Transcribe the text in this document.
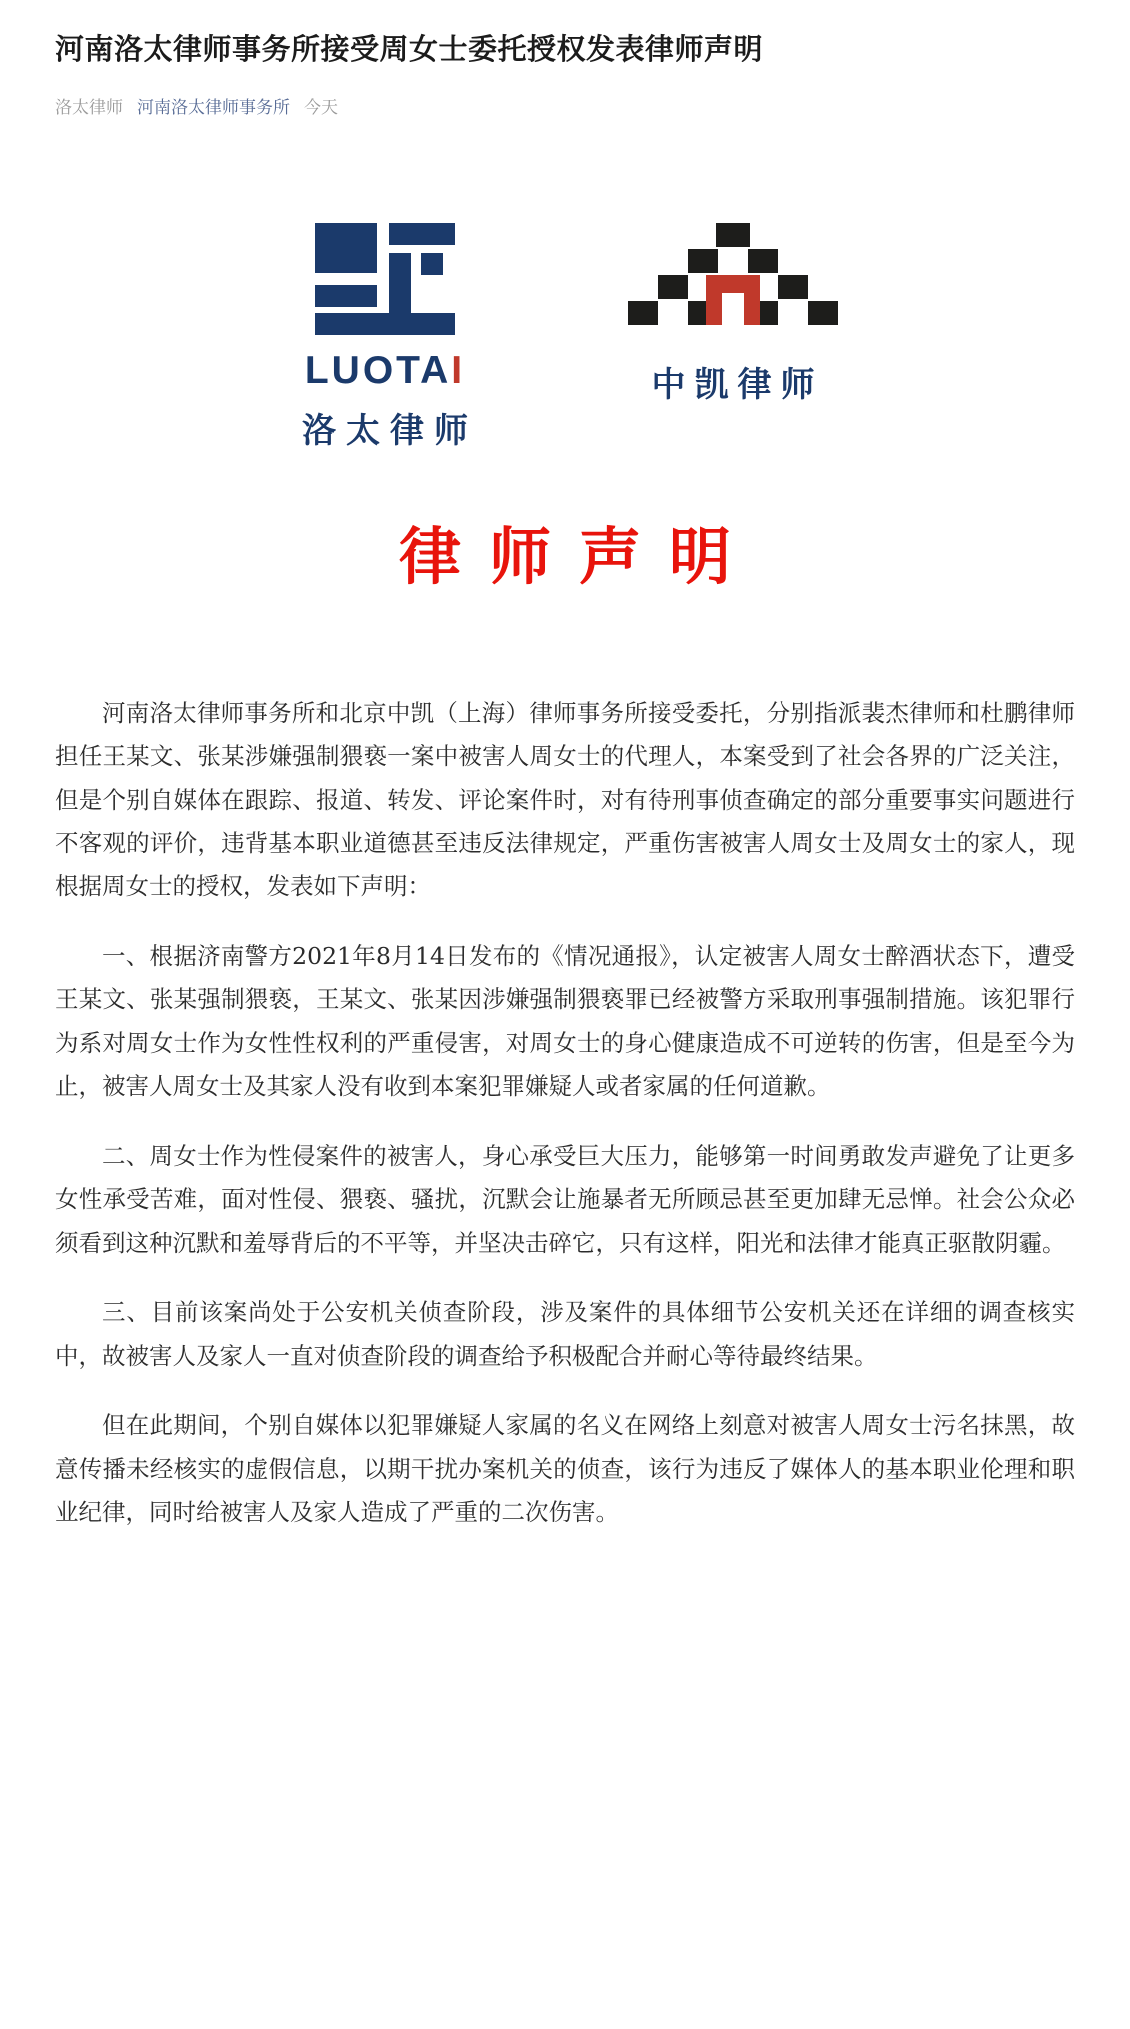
河南洛太律师事务所接受周女士委托授权发表律师声明
洛太律师 河南洛太律师事务所 今天
LUOTAI
洛太律师
中凯律师
律师声明

河南洛太律师事务所和北京中凯（上海）律师事务所接受委托，分别指派裴杰律师和杜鹏律师担任王某文、张某涉嫌强制猥亵一案中被害人周女士的代理人，本案受到了社会各界的广泛关注，但是个别自媒体在跟踪、报道、转发、评论案件时，对有待刑事侦查确定的部分重要事实问题进行不客观的评价，违背基本职业道德甚至违反法律规定，严重伤害被害人周女士及周女士的家人，现根据周女士的授权，发表如下声明：

一、根据济南警方2021年8月14日发布的《情况通报》，认定被害人周女士醉酒状态下，遭受王某文、张某强制猥亵，王某文、张某因涉嫌强制猥亵罪已经被警方采取刑事强制措施。该犯罪行为系对周女士作为女性性权利的严重侵害，对周女士的身心健康造成不可逆转的伤害，但是至今为止，被害人周女士及其家人没有收到本案犯罪嫌疑人或者家属的任何道歉。

二、周女士作为性侵案件的被害人，身心承受巨大压力，能够第一时间勇敢发声避免了让更多女性承受苦难，面对性侵、猥亵、骚扰，沉默会让施暴者无所顾忌甚至更加肆无忌惮。社会公众必须看到这种沉默和羞辱背后的不平等，并坚决击碎它，只有这样，阳光和法律才能真正驱散阴霾。

三、目前该案尚处于公安机关侦查阶段，涉及案件的具体细节公安机关还在详细的调查核实中，故被害人及家人一直对侦查阶段的调查给予积极配合并耐心等待最终结果。

但在此期间，个别自媒体以犯罪嫌疑人家属的名义在网络上刻意对被害人周女士污名抹黑，故意传播未经核实的虚假信息，以期干扰办案机关的侦查，该行为违反了媒体人的基本职业伦理和职业纪律，同时给被害人及家人造成了严重的二次伤害。
